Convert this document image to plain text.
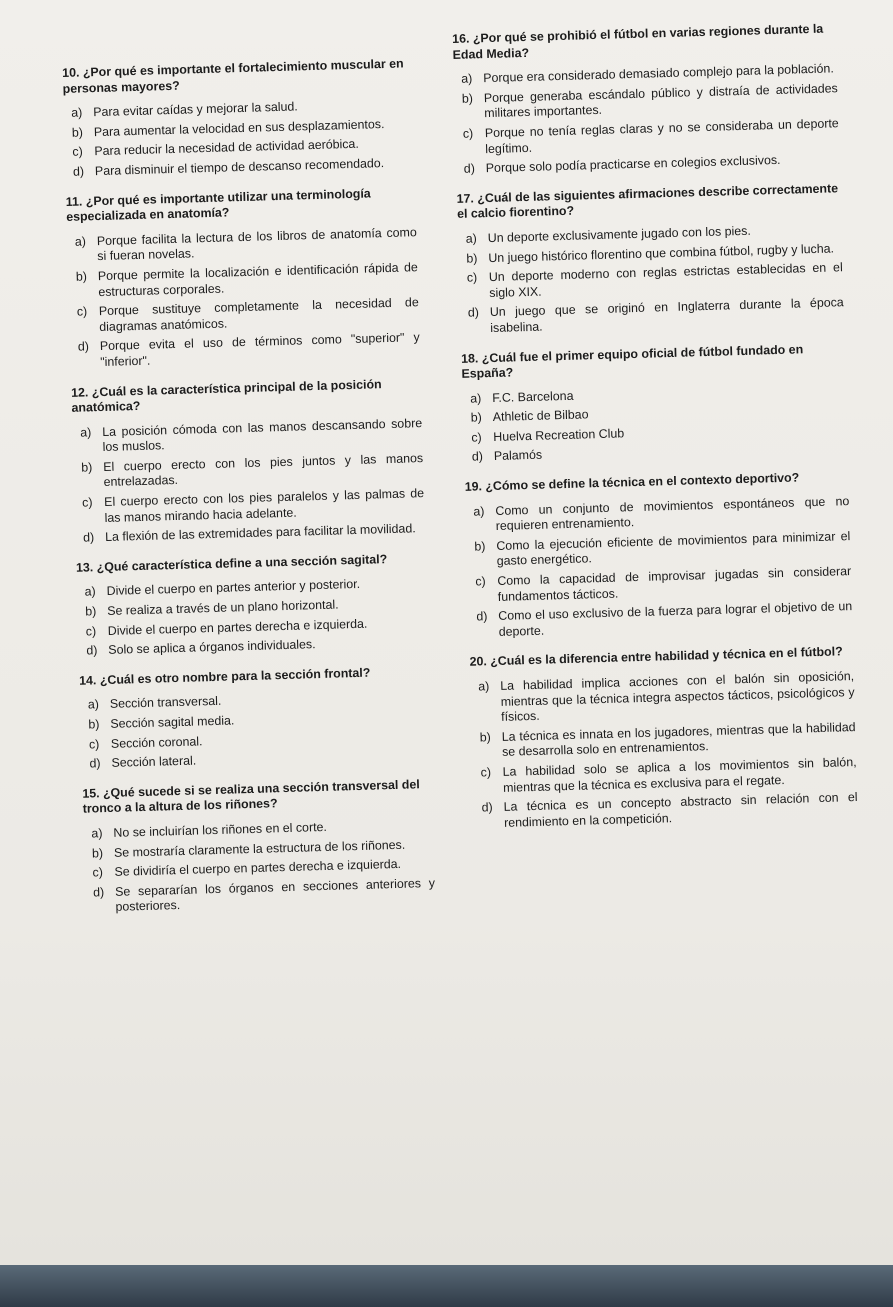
10. ¿Por qué es importante el fortalecimiento muscular en personas mayores?
a) Para evitar caídas y mejorar la salud.
b) Para aumentar la velocidad en sus desplazamientos.
c) Para reducir la necesidad de actividad aeróbica.
d) Para disminuir el tiempo de descanso recomendado.
11. ¿Por qué es importante utilizar una terminología especializada en anatomía?
a) Porque facilita la lectura de los libros de anatomía como si fueran novelas.
b) Porque permite la localización e identificación rápida de estructuras corporales.
c) Porque sustituye completamente la necesidad de diagramas anatómicos.
d) Porque evita el uso de términos como "superior" y "inferior".
12. ¿Cuál es la característica principal de la posición anatómica?
a) La posición cómoda con las manos descansando sobre los muslos.
b) El cuerpo erecto con los pies juntos y las manos entrelazadas.
c) El cuerpo erecto con los pies paralelos y las palmas de las manos mirando hacia adelante.
d) La flexión de las extremidades para facilitar la movilidad.
13. ¿Qué característica define a una sección sagital?
a) Divide el cuerpo en partes anterior y posterior.
b) Se realiza a través de un plano horizontal.
c) Divide el cuerpo en partes derecha e izquierda.
d) Solo se aplica a órganos individuales.
14. ¿Cuál es otro nombre para la sección frontal?
a) Sección transversal.
b) Sección sagital media.
c) Sección coronal.
d) Sección lateral.
15. ¿Qué sucede si se realiza una sección transversal del tronco a la altura de los riñones?
a) No se incluirían los riñones en el corte.
b) Se mostraría claramente la estructura de los riñones.
c) Se dividiría el cuerpo en partes derecha e izquierda.
d) Se separarían los órganos en secciones anteriores y posteriores.
16. ¿Por qué se prohibió el fútbol en varias regiones durante la Edad Media?
a) Porque era considerado demasiado complejo para la población.
b) Porque generaba escándalo público y distraía de actividades militares importantes.
c) Porque no tenía reglas claras y no se consideraba un deporte legítimo.
d) Porque solo podía practicarse en colegios exclusivos.
17. ¿Cuál de las siguientes afirmaciones describe correctamente el calcio fiorentino?
a) Un deporte exclusivamente jugado con los pies.
b) Un juego histórico florentino que combina fútbol, rugby y lucha.
c) Un deporte moderno con reglas estrictas establecidas en el siglo XIX.
d) Un juego que se originó en Inglaterra durante la época isabelina.
18. ¿Cuál fue el primer equipo oficial de fútbol fundado en España?
a) F.C. Barcelona
b) Athletic de Bilbao
c) Huelva Recreation Club
d) Palamós
19. ¿Cómo se define la técnica en el contexto deportivo?
a) Como un conjunto de movimientos espontáneos que no requieren entrenamiento.
b) Como la ejecución eficiente de movimientos para minimizar el gasto energético.
c) Como la capacidad de improvisar jugadas sin considerar fundamentos tácticos.
d) Como el uso exclusivo de la fuerza para lograr el objetivo de un deporte.
20. ¿Cuál es la diferencia entre habilidad y técnica en el fútbol?
a) La habilidad implica acciones con el balón sin oposición, mientras que la técnica integra aspectos tácticos, psicológicos y físicos.
b) La técnica es innata en los jugadores, mientras que la habilidad se desarrolla solo en entrenamientos.
c) La habilidad solo se aplica a los movimientos sin balón, mientras que la técnica es exclusiva para el regate.
d) La técnica es un concepto abstracto sin relación con el rendimiento en la competición.
